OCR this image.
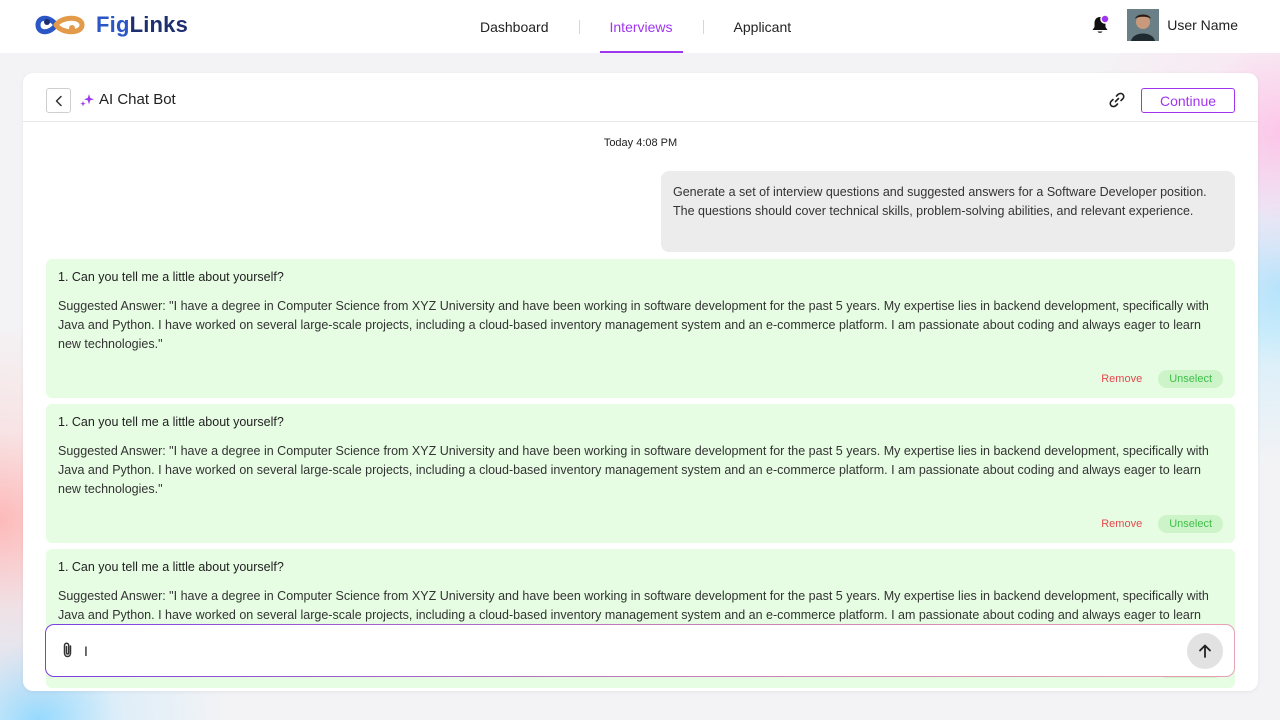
FigLinks	Dashboard	Interviews	Applicant	User Name
AI Chat Bot	Continue
Today 4:08 PM
Generate a set of interview questions and suggested answers for a Software Developer position. The questions should cover technical skills, problem-solving abilities, and relevant experience.
1. Can you tell me a little about yourself?
Suggested Answer: "I have a degree in Computer Science from XYZ University and have been working in software development for the past 5 years. My expertise lies in backend development, specifically with Java and Python. I have worked on several large-scale projects, including a cloud-based inventory management system and an e-commerce platform. I am passionate about coding and always eager to learn new technologies."
Remove	Unselect
1. Can you tell me a little about yourself?
Suggested Answer: "I have a degree in Computer Science from XYZ University and have been working in software development for the past 5 years. My expertise lies in backend development, specifically with Java and Python. I have worked on several large-scale projects, including a cloud-based inventory management system and an e-commerce platform. I am passionate about coding and always eager to learn new technologies."
Remove	Unselect
1. Can you tell me a little about yourself?
Suggested Answer: "I have a degree in Computer Science from XYZ University and have been working in software development for the past 5 years. My expertise lies in backend development, specifically with Java and Python. I have worked on several large-scale projects, including a cloud-based inventory management system and an e-commerce platform. I am passionate about coding and always eager to learn
I
